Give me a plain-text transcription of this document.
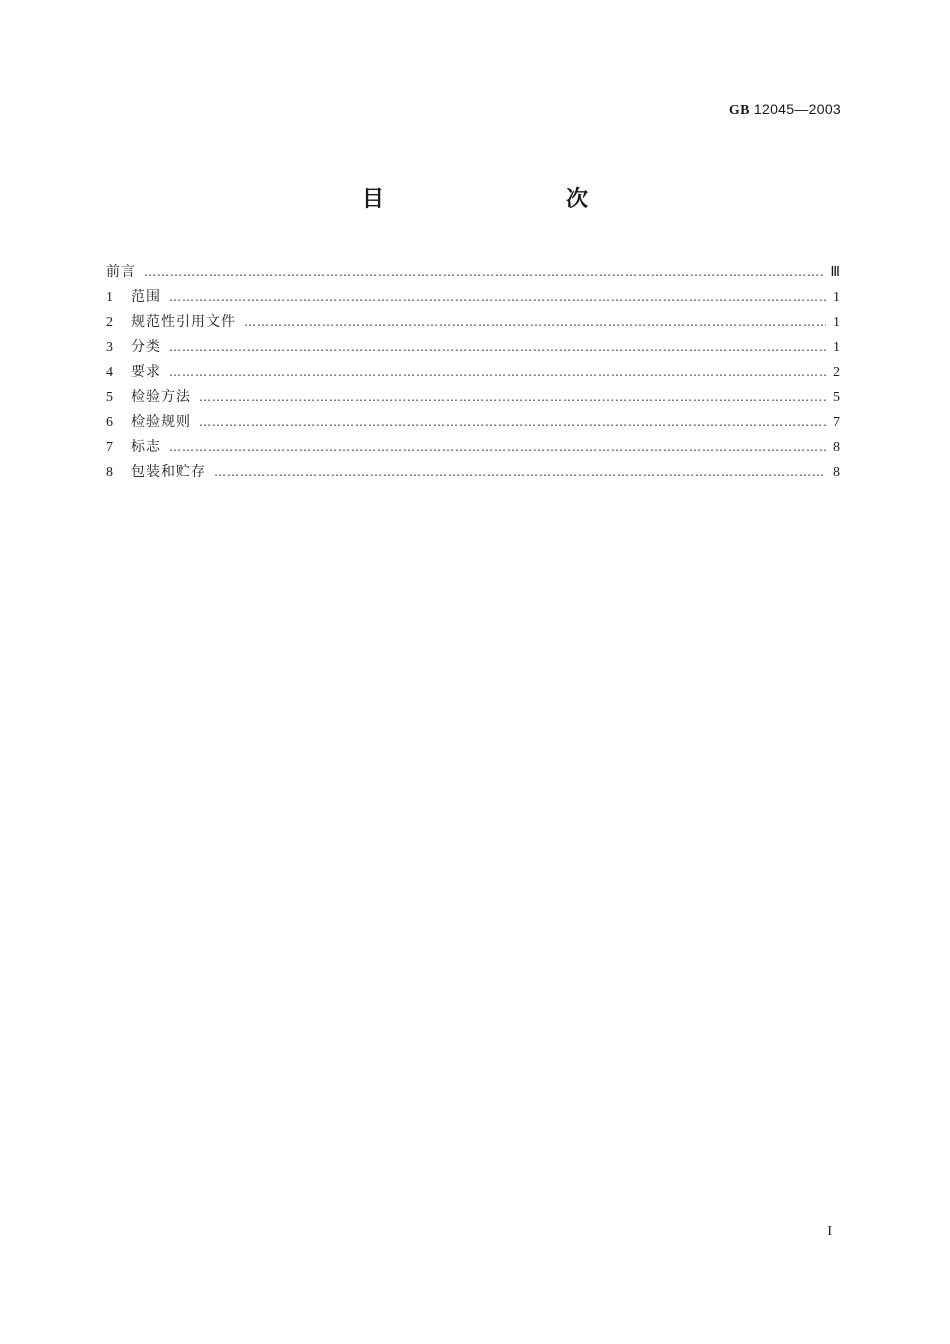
GB 12045—2003
目　　次
前言 …………………………………………………………………………………………………………………………………………………………………………………………………………	Ⅲ
1	范围 …………………………………………………………………………………………………………………………………………………………………………………………………………	1
2	规范性引用文件 …………………………………………………………………………………………………………………………………………………………………………………………………………	1
3	分类 …………………………………………………………………………………………………………………………………………………………………………………………………………	1
4	要求 …………………………………………………………………………………………………………………………………………………………………………………………………………	2
5	检验方法 …………………………………………………………………………………………………………………………………………………………………………………………………………	5
6	检验规则 …………………………………………………………………………………………………………………………………………………………………………………………………………	7
7	标志 …………………………………………………………………………………………………………………………………………………………………………………………………………	8
8	包装和贮存 …………………………………………………………………………………………………………………………………………………………………………………………………………	8
I
